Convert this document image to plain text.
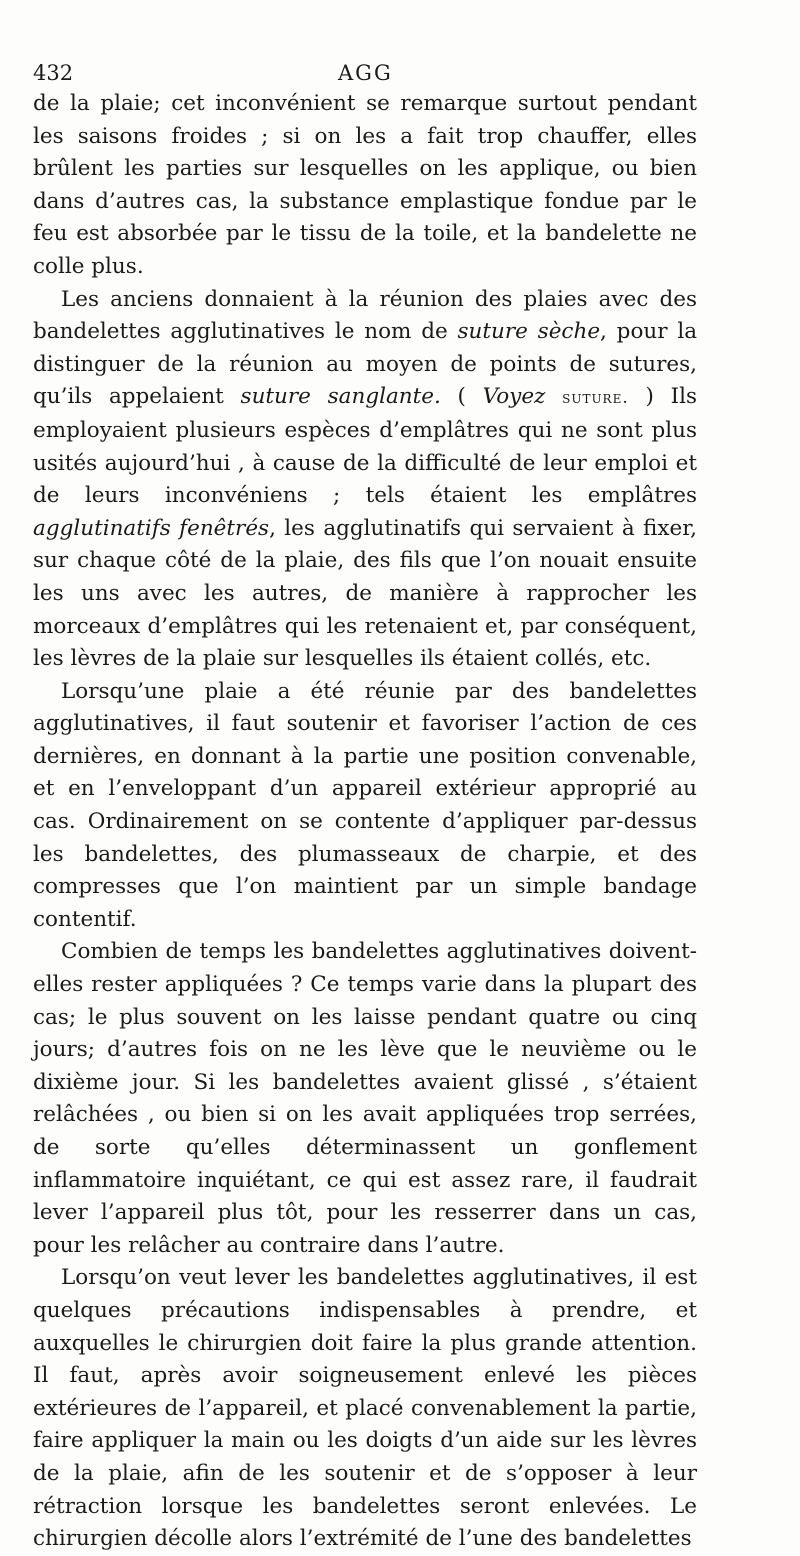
432	AGG

de la plaie; cet inconvénient se remarque surtout pendant les saisons froides ; si on les a fait trop chauffer, elles brûlent les parties sur lesquelles on les applique, ou bien dans d’autres cas, la substance emplastique fondue par le feu est absorbée par le tissu de la toile, et la bandelette ne colle plus.

Les anciens donnaient à la réunion des plaies avec des bandelettes agglutinatives le nom de suture sèche, pour la distinguer de la réunion au moyen de points de sutures, qu’ils appelaient suture sanglante. ( Voyez suture. ) Ils employaient plusieurs espèces d’emplâtres qui ne sont plus usités aujourd’hui , à cause de la difficulté de leur emploi et de leurs inconvéniens ; tels étaient les emplâtres agglutinatifs fenêtrés, les agglutinatifs qui servaient à fixer, sur chaque côté de la plaie, des fils que l’on nouait ensuite les uns avec les autres, de manière à rapprocher les morceaux d’emplâtres qui les retenaient et, par conséquent, les lèvres de la plaie sur lesquelles ils étaient collés, etc.

Lorsqu’une plaie a été réunie par des bandelettes agglutinatives, il faut soutenir et favoriser l’action de ces dernières, en donnant à la partie une position convenable, et en l’enveloppant d’un appareil extérieur approprié au cas. Ordinairement on se contente d’appliquer par-dessus les bandelettes, des plumasseaux de charpie, et des compresses que l’on maintient par un simple bandage contentif.

Combien de temps les bandelettes agglutinatives doivent-elles rester appliquées ? Ce temps varie dans la plupart des cas; le plus souvent on les laisse pendant quatre ou cinq jours; d’autres fois on ne les lève que le neuvième ou le dixième jour. Si les bandelettes avaient glissé , s’étaient relâchées , ou bien si on les avait appliquées trop serrées, de sorte qu’elles déterminassent un gonflement inflammatoire inquiétant, ce qui est assez rare, il faudrait lever l’appareil plus tôt, pour les resserrer dans un cas, pour les relâcher au contraire dans l’autre.

Lorsqu’on veut lever les bandelettes agglutinatives, il est quelques précautions indispensables à prendre, et auxquelles le chirurgien doit faire la plus grande attention. Il faut, après avoir soigneusement enlevé les pièces extérieures de l’appareil, et placé convenablement la partie, faire appliquer la main ou les doigts d’un aide sur les lèvres de la plaie, afin de les soutenir et de s’opposer à leur rétraction lorsque les bandelettes seront enlevées. Le chirurgien décolle alors l’extrémité de l’une des bandelettes
